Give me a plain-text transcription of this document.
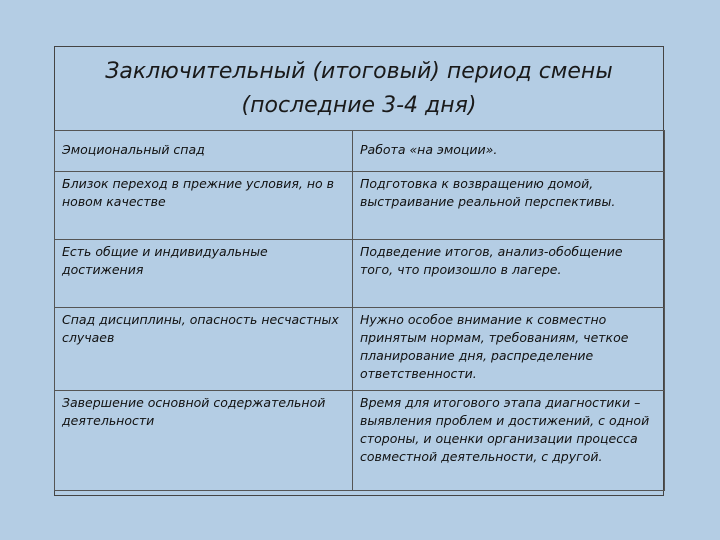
Заключительный (итоговый) период смены
(последние 3-4 дня)
Эмоциональный спад	Работа «на эмоции».
Близок переход в прежние условия, но в новом качестве	Подготовка к возвращению домой, выстраивание реальной перспективы.
Есть общие и индивидуальные достижения	Подведение итогов, анализ-обобщение того, что произошло в лагере.
Спад дисциплины, опасность несчастных случаев	Нужно особое внимание к совместно принятым нормам, требованиям, четкое планирование дня, распределение ответственности.
Завершение основной содержательной деятельности	Время для итогового этапа диагностики – выявления проблем и достижений, с одной стороны, и оценки организации процесса совместной деятельности, с другой.
